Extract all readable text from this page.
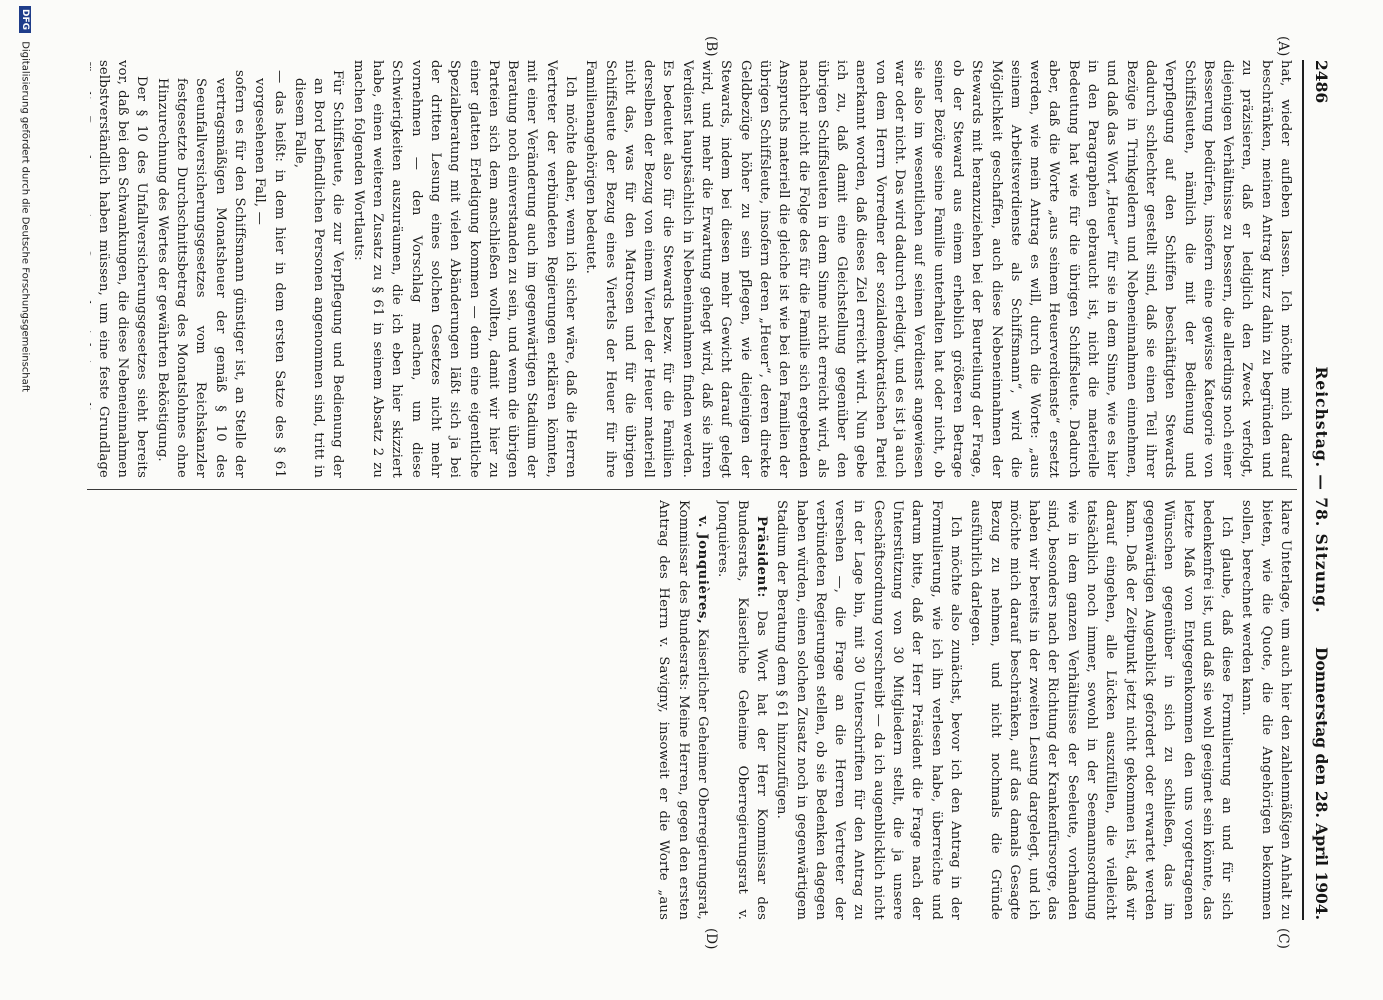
2486
Reichstag. — 78. Sitzung.
Donnerstag den 28. April 1904.
(A)
(B)
(C)
(D)

hat, wieder aufleben lassen. Ich möchte mich darauf beschränken, meinen Antrag kurz dahin zu begründen und zu präzisieren, daß er lediglich den Zweck verfolgt, diejenigen Verhältnisse zu bessern, die allerdings noch einer Besserung bedürfen, insofern eine gewisse Kategorie von Schiffsleuten, nämlich die mit der Bedienung und Verpflegung auf den Schiffen beschäftigten Stewards dadurch schlechter gestellt sind, daß sie einen Teil ihrer Bezüge in Trinkgeldern und Nebeneinnahmen einnehmen, und daß das Wort „Heuer“ für sie in dem Sinne, wie es hier in den Paragraphen gebraucht ist, nicht die materielle Bedeutung hat wie für die übrigen Schiffsleute. Dadurch aber, daß die Worte „aus seinem Heuerverdienste“ ersetzt werden, wie mein Antrag es will, durch die Worte: „aus seinem Arbeitsverdienste als Schiffsmann“, wird die Möglichkeit geschaffen, auch diese Nebeneinnahmen der Stewards mit heranzuziehen bei der Beurteilung der Frage, ob der Steward aus einem erheblich größeren Betrage seiner Bezüge seine Familie unterhalten hat oder nicht, ob sie also im wesentlichen auf seinen Verdienst angewiesen war oder nicht. Das wird dadurch erledigt, und es ist ja auch von dem Herrn Vorredner der sozialdemokratischen Partei anerkannt worden, daß dieses Ziel erreicht wird. Nun gebe ich zu, daß damit eine Gleichstellung gegenüber den übrigen Schiffsleuten in dem Sinne nicht erreicht wird, als nachher nicht die Folge des für die Familie sich ergebenden Anspruchs materiell die gleiche ist wie bei den Familien der übrigen Schiffsleute, insofern deren „Heuer“, deren direkte Geldbezüge höher zu sein pflegen, wie diejenigen der Stewards, indem bei diesen mehr Gewicht darauf gelegt wird, und mehr die Erwartung gehegt wird, daß sie ihren Verdienst hauptsächlich in Nebeneinnahmen finden werden. Es bedeutet also für die Stewards bezw. für die Familien derselben der Bezug von einem Viertel der Heuer materiell nicht das, was für den Matrosen und für die übrigen Schiffsleute der Bezug eines Viertels der Heuer für ihre Familienangehörigen bedeutet.

Ich möchte daher, wenn ich sicher wäre, daß die Herren Vertreter der verbündeten Regierungen erklären könnten, mit einer Veränderung auch im gegenwärtigen Stadium der Beratung noch einverstanden zu sein, und wenn die übrigen Parteien sich dem anschließen wollten, damit wir hier zu einer glatten Erledigung kommen — denn eine eigentliche Spezialberatung mit vielen Abänderungen läßt sich ja bei der dritten Lesung eines solchen Gesetzes nicht mehr vornehmen — den Vorschlag machen, um diese Schwierigkeiten auszuräumen, die ich eben hier skizziert habe, einen weiteren Zusatz zu § 61 in seinem Absatz 2 zu machen folgenden Wortlauts:

Für Schiffsleute, die zur Verpflegung und Bedienung der an Bord befindlichen Personen angenommen sind, tritt in diesem Falle,

— das heißt: in dem hier in dem ersten Satze des § 61 vorgesehenen Fall, —

sofern es für den Schiffsmann günstiger ist, an Stelle der vertragsmäßigen Monatsheuer der gemäß § 10 des Seeunfallversicherungsgesetzes vom Reichskanzler festgesetzte Durchschnittsbetrag des Monatslohnes ohne Hinzurechnung des Wertes der gewährten Beköstigung.

Der § 10 des Unfallversicherungsgesetzes sieht bereits vor, daß bei den Schwankungen, die diese Nebeneinnahmen selbstverständlich haben müssen, um eine feste Grundlage

klare Unterlage, um auch hier den zahlenmäßigen Anhalt zu bieten, wie die Quote, die die Angehörigen bekommen sollen, berechnet werden kann.

Ich glaube, daß diese Formulierung an und für sich bedenkenfrei ist, und daß sie wohl geeignet sein könnte, das letzte Maß von Entgegenkommen den uns vorgetragenen Wünschen gegenüber in sich zu schließen, das im gegenwärtigen Augenblick gefordert oder erwartet werden kann. Daß der Zeitpunkt jetzt nicht gekommen ist, daß wir darauf eingehen, alle Lücken auszufüllen, die vielleicht tatsächlich noch immer, sowohl in der Seemannsordnung wie in dem ganzen Verhältnisse der Seeleute, vorhanden sind, besonders nach der Richtung der Krankenfürsorge, das haben wir bereits in der zweiten Lesung dargelegt, und ich möchte mich darauf beschränken, auf das damals Gesagte Bezug zu nehmen, und nicht nochmals die Gründe ausführlich darlegen.

Ich möchte also zunächst, bevor ich den Antrag in der Formulierung, wie ich ihn verlesen habe, überreiche und darum bitte, daß der Herr Präsident die Frage nach der Unterstützung von 30 Mitgliedern stellt, die ja unsere Geschäftsordnung vorschreibt — da ich augenblicklich nicht in der Lage bin, mit 30 Unterschriften für den Antrag zu versehen —, die Frage an die Herren Vertreter der verbündeten Regierungen stellen, ob sie Bedenken dagegen haben würden, einen solchen Zusatz noch in gegenwärtigem Stadium der Beratung dem § 61 hinzuzufügen.

Präsident: Das Wort hat der Herr Kommissar des Bundesrats, Kaiserliche Geheime Oberregierungsrat v. Jonquières.

v. Jonquières, Kaiserlicher Geheimer Oberregierungsrat, Kommissar des Bundesrats: Meine Herren, gegen den ersten Antrag des Herrn v. Savigny, insoweit er die Worte „aus

DFG Digitalisierung gefördert durch die Deutsche Forschungsgemeinschaft
